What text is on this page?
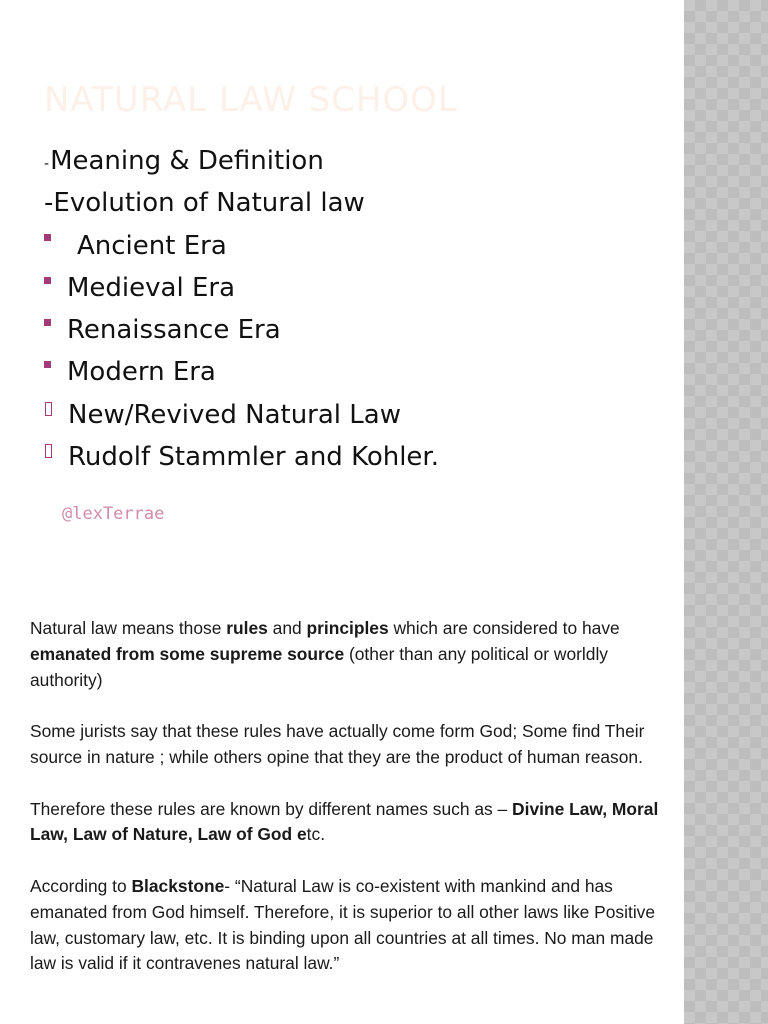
NATURAL LAW SCHOOL
- Meaning & Definition
- Evolution of Natural law
Ancient Era
Medieval Era
Renaissance Era
Modern Era
New/Revived Natural Law
Rudolf Stammler and Kohler.
@lexTerrae

Natural law means those rules and principles which are considered to have emanated from some supreme source (other than any political or worldly authority)

Some jurists say that these rules have actually come form God; Some find Their source in nature ; while others opine that they are the product of human reason.

Therefore these rules are known by different names such as – Divine Law, Moral Law, Law of Nature, Law of God etc.

According to Blackstone- “Natural Law is co-existent with mankind and has emanated from God himself. Therefore, it is superior to all other laws like Positive law, customary law, etc. It is binding upon all countries at all times. No man made law is valid if it contravenes natural law.”
